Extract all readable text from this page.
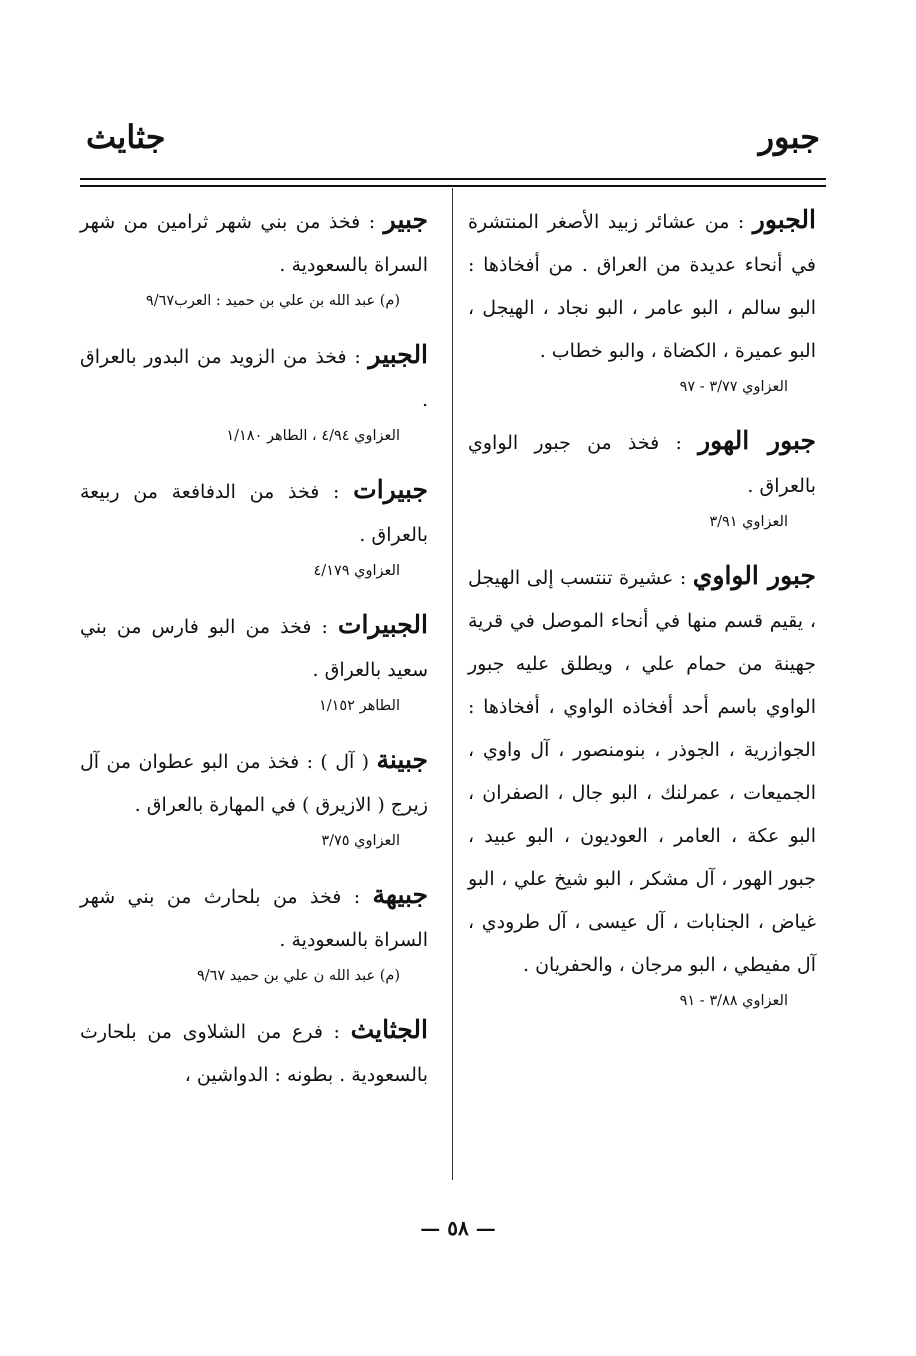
جبور
جثايث

الجبور : من عشائر زبيد الأصغر المنتشرة في أنحاء عديدة من العراق . من أفخاذها : البو سالم ، البو عامر ، البو نجاد ، الهيجل ، البو عميرة ، الكضاة ، والبو خطاب .

العزاوي ٣/٧٧ - ٩٧

جبور الهور : فخذ من جبور الواوي بالعراق .

العزاوي ٣/٩١

جبور الواوي : عشيرة تنتسب إلى الهيجل ، يقيم قسم منها في أنحاء الموصل في قرية جهينة من حمام علي ، ويطلق عليه جبور الواوي باسم أحد أفخاذه الواوي ، أفخاذها : الجوازرية ، الجوذر ، بنومنصور ، آل واوي ، الجميعات ، عمرلنك ، البو جال ، الصفران ، البو عكة ، العامر ، العوديون ، البو عبيد ، جبور الهور ، آل مشكر ، البو شيخ علي ، البو غياض ، الجنابات ، آل عيسى ، آل طرودي ، آل مفيطي ، البو مرجان ، والحفريان .

العزاوي ٣/٨٨ - ٩١

جبير : فخذ من بني شهر ثرامين من شهر السراة بالسعودية .

(م) عبد الله بن علي بن حميد : العرب٩/٦٧

الجبير : فخذ من الزويد من البدور بالعراق .

العزاوي ٤/٩٤ ، الطاهر ١/١٨٠

جبيرات : فخذ من الدفافعة من ربيعة بالعراق .

العزاوي ٤/١٧٩

الجبيرات : فخذ من البو فارس من بني سعيد بالعراق .

الطاهر ١/١٥٢

جبينة ( آل ) : فخذ من البو عطوان من آل زيرج ( الازيرق ) في المهارة بالعراق .

العزاوي ٣/٧٥

جبيهة : فخذ من بلحارث من بني شهر السراة بالسعودية .

(م) عبد الله ن علي بن حميد ٩/٦٧

الجثايث : فرع من الشلاوى من بلحارث بالسعودية . بطونه : الدواشين ،

— ٥٨ —
